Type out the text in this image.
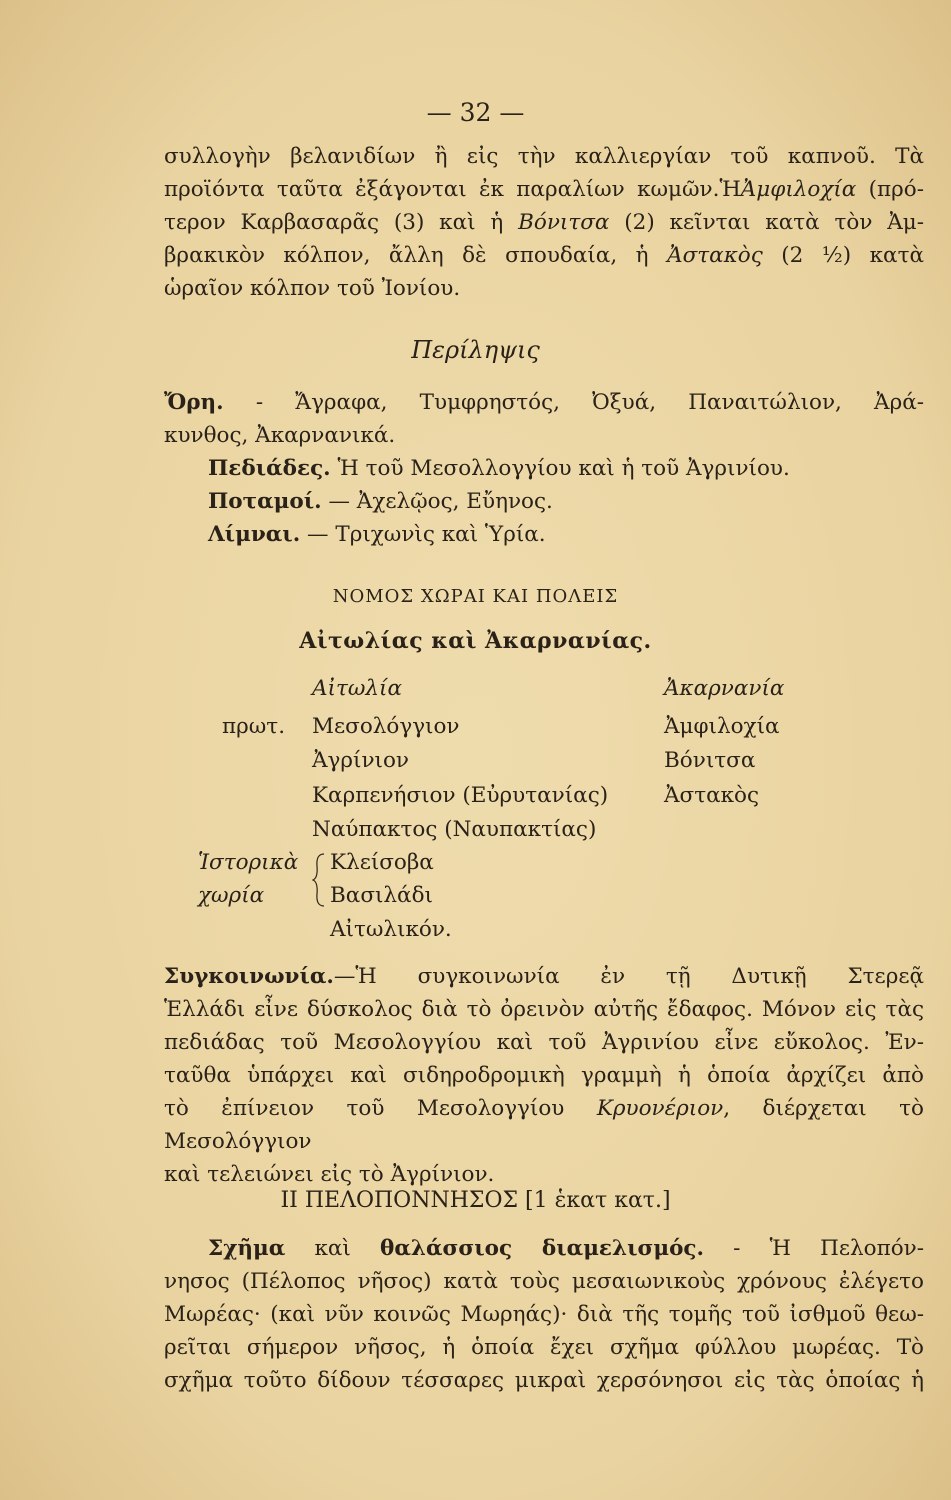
— 32 —
συλλογὴν βελανιδίων ἢ εἰς τὴν καλλιεργίαν τοῦ καπνοῦ. Τὰ
προϊόντα ταῦτα ἐξάγονται ἐκ παραλίων κωμῶν.ἩἈμφιλοχία (πρό-
τερον Καρβασαρᾶς (3) καὶ ἡ Βόνιτσα (2) κεῖνται κατὰ τὸν Ἀμ-
βρακικὸν κόλπον, ἄλλη δὲ σπουδαία, ἡ Ἀστακὸς (2 ½) κατὰ
ὡραῖον κόλπον τοῦ Ἰονίου.
Περίληψις
Ὄρη. - Ἄγραφα, Τυμφρηστός, Ὀξυά, Παναιτώλιον, Ἀρά-
κυνθος, Ἀκαρνανικά.
Πεδιάδες. Ἡ τοῦ Μεσολλογγίου καὶ ἡ τοῦ Ἀγρινίου.
Ποταμοί. — Ἀχελῷος, Εὔηνος.
Λίμναι. — Τριχωνὶς καὶ Ὑρία.
ΝΟΜΟΣ ΧΩΡΑΙ ΚΑΙ ΠΟΛΕΙΣ
Αἰτωλίας καὶ Ἀκαρνανίας.
Αἰτωλία	Ἀκαρνανία
πρωτ. Μεσολόγγιον
Ἀγρίνιον
Καρπενήσιον (Εὐρυτανίας)
Ναύπακτος (Ναυπακτίας)
Ἀμφιλοχία
Βόνιτσα
Ἀστακὸς
Ἱστορικὰ
χωρία
Κλείσοβα
Βασιλάδι
Αἰτωλικόν.
Συγκοινωνία.—Ἡ συγκοινωνία ἐν τῇ Δυτικῇ Στερεᾷ
Ἑλλάδι εἶνε δύσκολος διὰ τὸ ὀρεινὸν αὐτῆς ἔδαφος. Μόνον εἰς τὰς
πεδιάδας τοῦ Μεσολογγίου καὶ τοῦ Ἀγρινίου εἶνε εὔκολος. Ἐν-
ταῦθα ὑπάρχει καὶ σιδηροδρομικὴ γραμμὴ ἡ ὁποία ἀρχίζει ἀπὸ
τὸ ἐπίνειον τοῦ Μεσολογγίου Κρυονέριον, διέρχεται τὸ Μεσολόγγιον
καὶ τελειώνει εἰς τὸ Ἀγρίνιον.
ΙΙ ΠΕΛΟΠΟΝΝΗΣΟΣ [1 ἑκατ κατ.]
Σχῆμα καὶ θαλάσσιος διαμελισμός. - Ἡ Πελοπόν-
νησος (Πέλοπος νῆσος) κατὰ τοὺς μεσαιωνικοὺς χρόνους ἐλέγετο
Μωρέας· (καὶ νῦν κοινῶς Μωρηάς)· διὰ τῆς τομῆς τοῦ ἰσθμοῦ θεω-
ρεῖται σήμερον νῆσος, ἡ ὁποία ἔχει σχῆμα φύλλου μωρέας. Τὸ
σχῆμα τοῦτο δίδουν τέσσαρες μικραὶ χερσόνησοι εἰς τὰς ὁποίας ἡ
